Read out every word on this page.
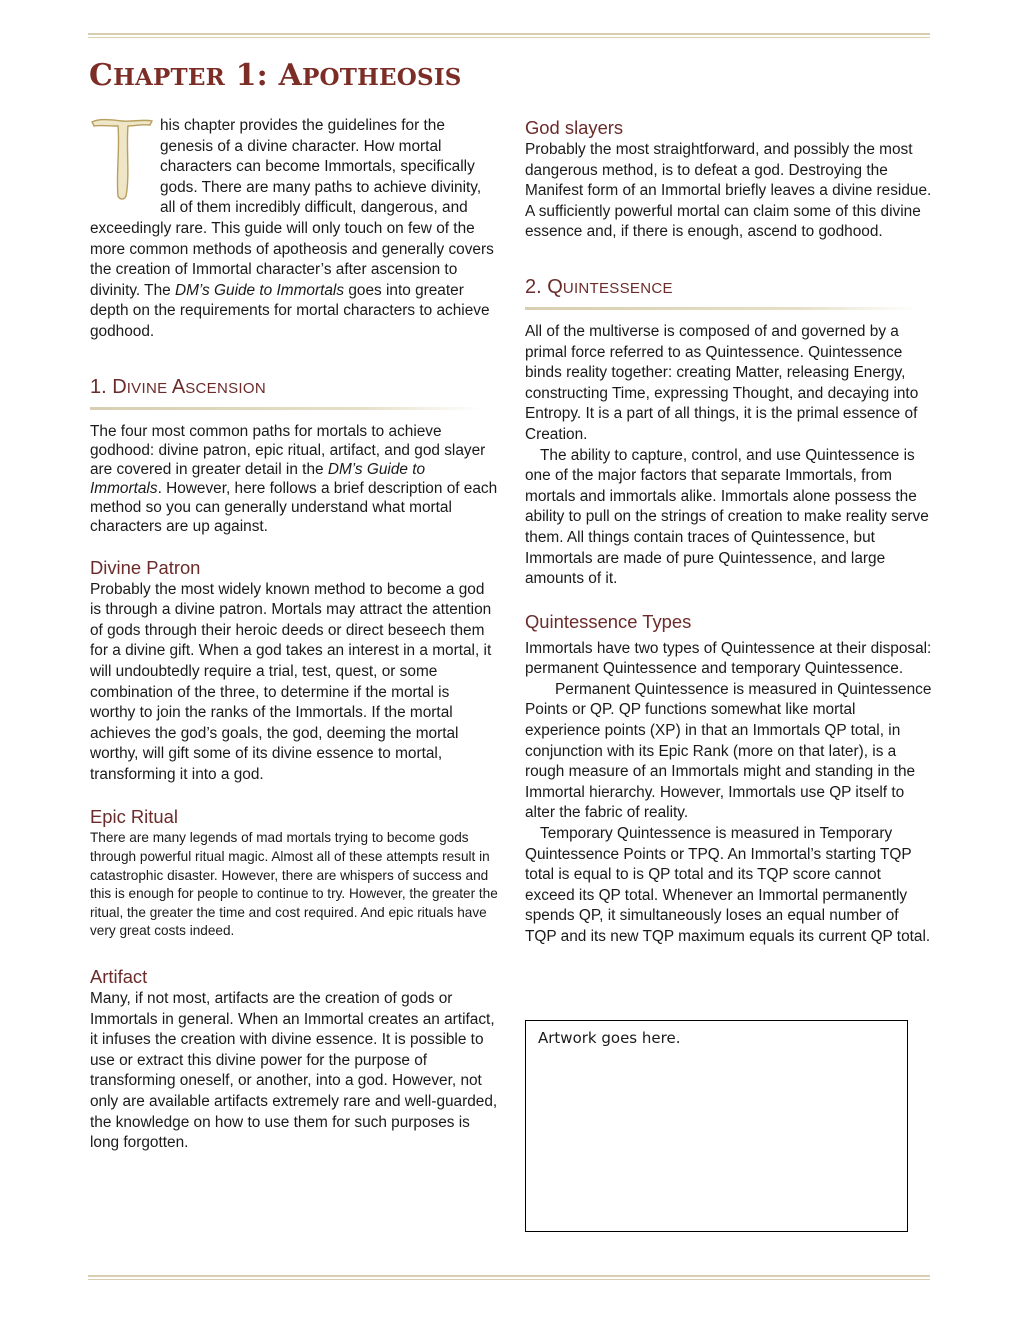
CHAPTER 1: APOTHEOSIS

his chapter provides the guidelines for the genesis of a divine character. How mortal characters can become Immortals, specifically gods. There are many paths to achieve divinity, all of them incredibly difficult, dangerous, and exceedingly rare. This guide will only touch on few of the more common methods of apotheosis and generally covers the creation of Immortal character’s after ascension to divinity. The DM’s Guide to Immortals goes into greater depth on the requirements for mortal characters to achieve godhood.

1. DIVINE ASCENSION

The four most common paths for mortals to achieve godhood: divine patron, epic ritual, artifact, and god slayer are covered in greater detail in the DM’s Guide to Immortals. However, here follows a brief description of each method so you can generally understand what mortal characters are up against.

Divine Patron

Probably the most widely known method to become a god is through a divine patron. Mortals may attract the attention of gods through their heroic deeds or direct beseech them for a divine gift. When a god takes an interest in a mortal, it will undoubtedly require a trial, test, quest, or some combination of the three, to determine if the mortal is worthy to join the ranks of the Immortals. If the mortal achieves the god’s goals, the god, deeming the mortal worthy, will gift some of its divine essence to mortal, transforming it into a god.

Epic Ritual

There are many legends of mad mortals trying to become gods through powerful ritual magic. Almost all of these attempts result in catastrophic disaster. However, there are whispers of success and this is enough for people to continue to try. However, the greater the ritual, the greater the time and cost required. And epic rituals have very great costs indeed.

Artifact

Many, if not most, artifacts are the creation of gods or Immortals in general. When an Immortal creates an artifact, it infuses the creation with divine essence. It is possible to use or extract this divine power for the purpose of transforming oneself, or another, into a god. However, not only are available artifacts extremely rare and well-guarded, the knowledge on how to use them for such purposes is long forgotten.

God slayers

Probably the most straightforward, and possibly the most dangerous method, is to defeat a god. Destroying the Manifest form of an Immortal briefly leaves a divine residue. A sufficiently powerful mortal can claim some of this divine essence and, if there is enough, ascend to godhood.

2. QUINTESSENCE

All of the multiverse is composed of and governed by a primal force referred to as Quintessence. Quintessence binds reality together: creating Matter, releasing Energy, constructing Time, expressing Thought, and decaying into Entropy. It is a part of all things, it is the primal essence of Creation.

The ability to capture, control, and use Quintessence is one of the major factors that separate Immortals, from mortals and immortals alike. Immortals alone possess the ability to pull on the strings of creation to make reality serve them. All things contain traces of Quintessence, but Immortals are made of pure Quintessence, and large amounts of it.

Quintessence Types

Immortals have two types of Quintessence at their disposal: permanent Quintessence and temporary Quintessence.

Permanent Quintessence is measured in Quintessence Points or QP. QP functions somewhat like mortal experience points (XP) in that an Immortals QP total, in conjunction with its Epic Rank (more on that later), is a rough measure of an Immortals might and standing in the Immortal hierarchy. However, Immortals use QP itself to alter the fabric of reality.

Temporary Quintessence is measured in Temporary Quintessence Points or TPQ. An Immortal’s starting TQP total is equal to is QP total and its TQP score cannot exceed its QP total. Whenever an Immortal permanently spends QP, it simultaneously loses an equal number of TQP and its new TQP maximum equals its current QP total.

Artwork goes here.
